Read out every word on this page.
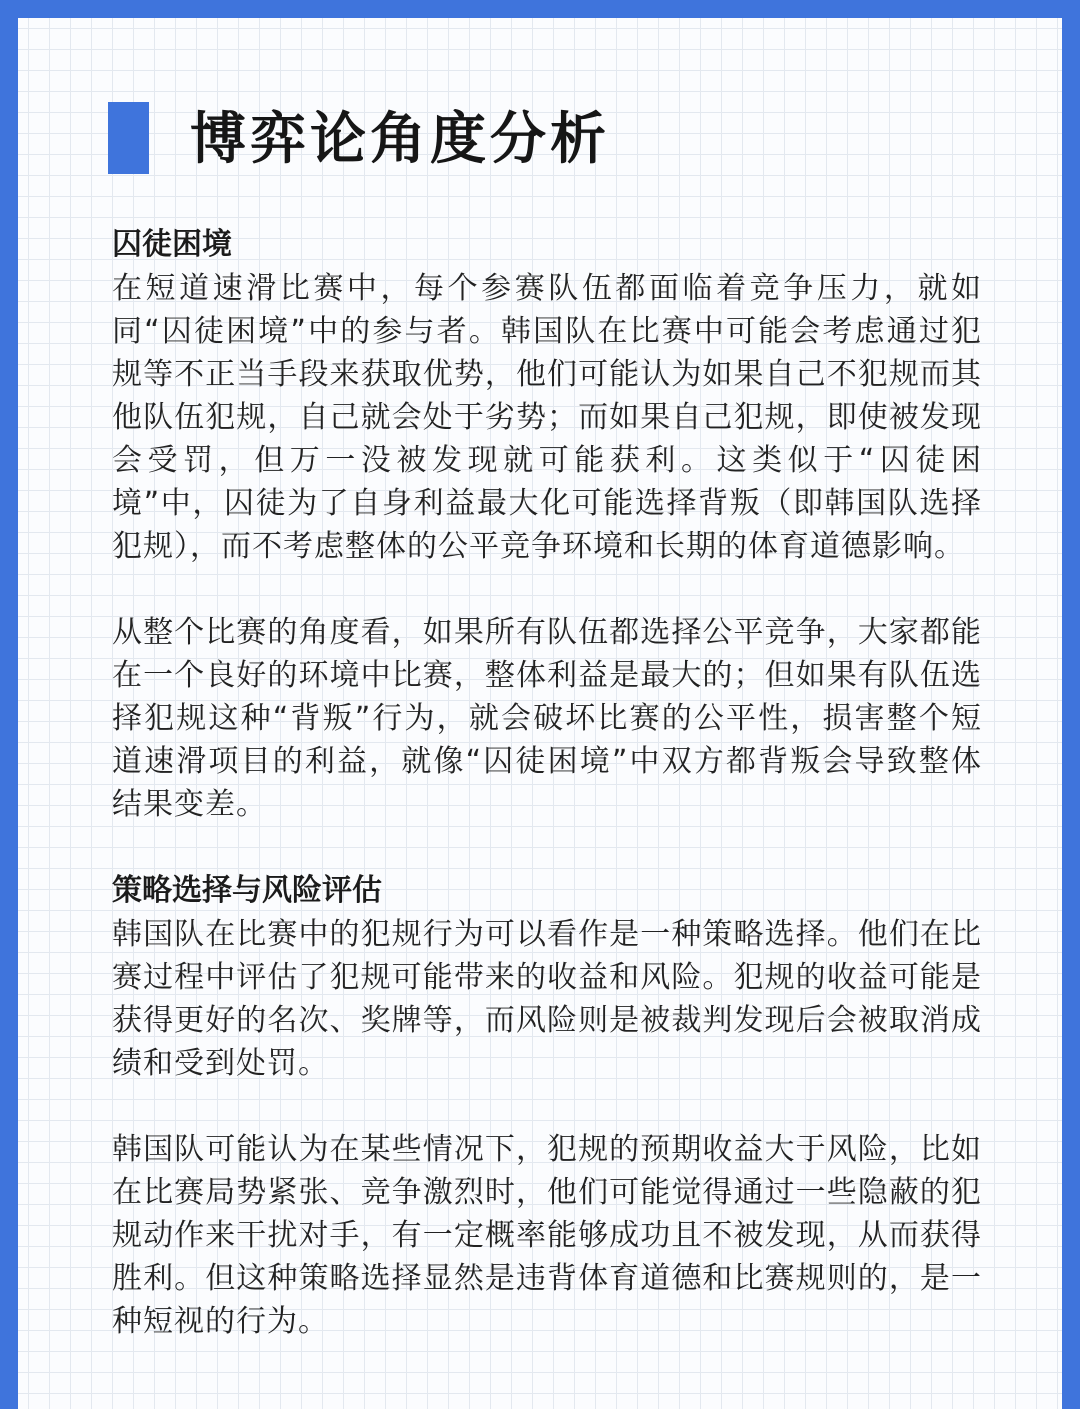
博弈论角度分析
囚徒困境

在短道速滑比赛中，每个参赛队伍都面临着竞争压力，就如同“囚徒困境”中的参与者。韩国队在比赛中可能会考虑通过犯规等不正当手段来获取优势，他们可能认为如果自己不犯规而其他队伍犯规，自己就会处于劣势；而如果自己犯规，即使被发现会受罚，但万一没被发现就可能获利。这类似于“囚徒困境”中，囚徒为了自身利益最大化可能选择背叛（即韩国队选择犯规），而不考虑整体的公平竞争环境和长期的体育道德影响。

从整个比赛的角度看，如果所有队伍都选择公平竞争，大家都能在一个良好的环境中比赛，整体利益是最大的；但如果有队伍选择犯规这种“背叛”行为，就会破坏比赛的公平性，损害整个短道速滑项目的利益，就像“囚徒困境”中双方都背叛会导致整体结果变差。

策略选择与风险评估

韩国队在比赛中的犯规行为可以看作是一种策略选择。他们在比赛过程中评估了犯规可能带来的收益和风险。犯规的收益可能是获得更好的名次、奖牌等，而风险则是被裁判发现后会被取消成绩和受到处罚。

韩国队可能认为在某些情况下，犯规的预期收益大于风险，比如在比赛局势紧张、竞争激烈时，他们可能觉得通过一些隐蔽的犯规动作来干扰对手，有一定概率能够成功且不被发现，从而获得胜利。但这种策略选择显然是违背体育道德和比赛规则的，是一种短视的行为。
